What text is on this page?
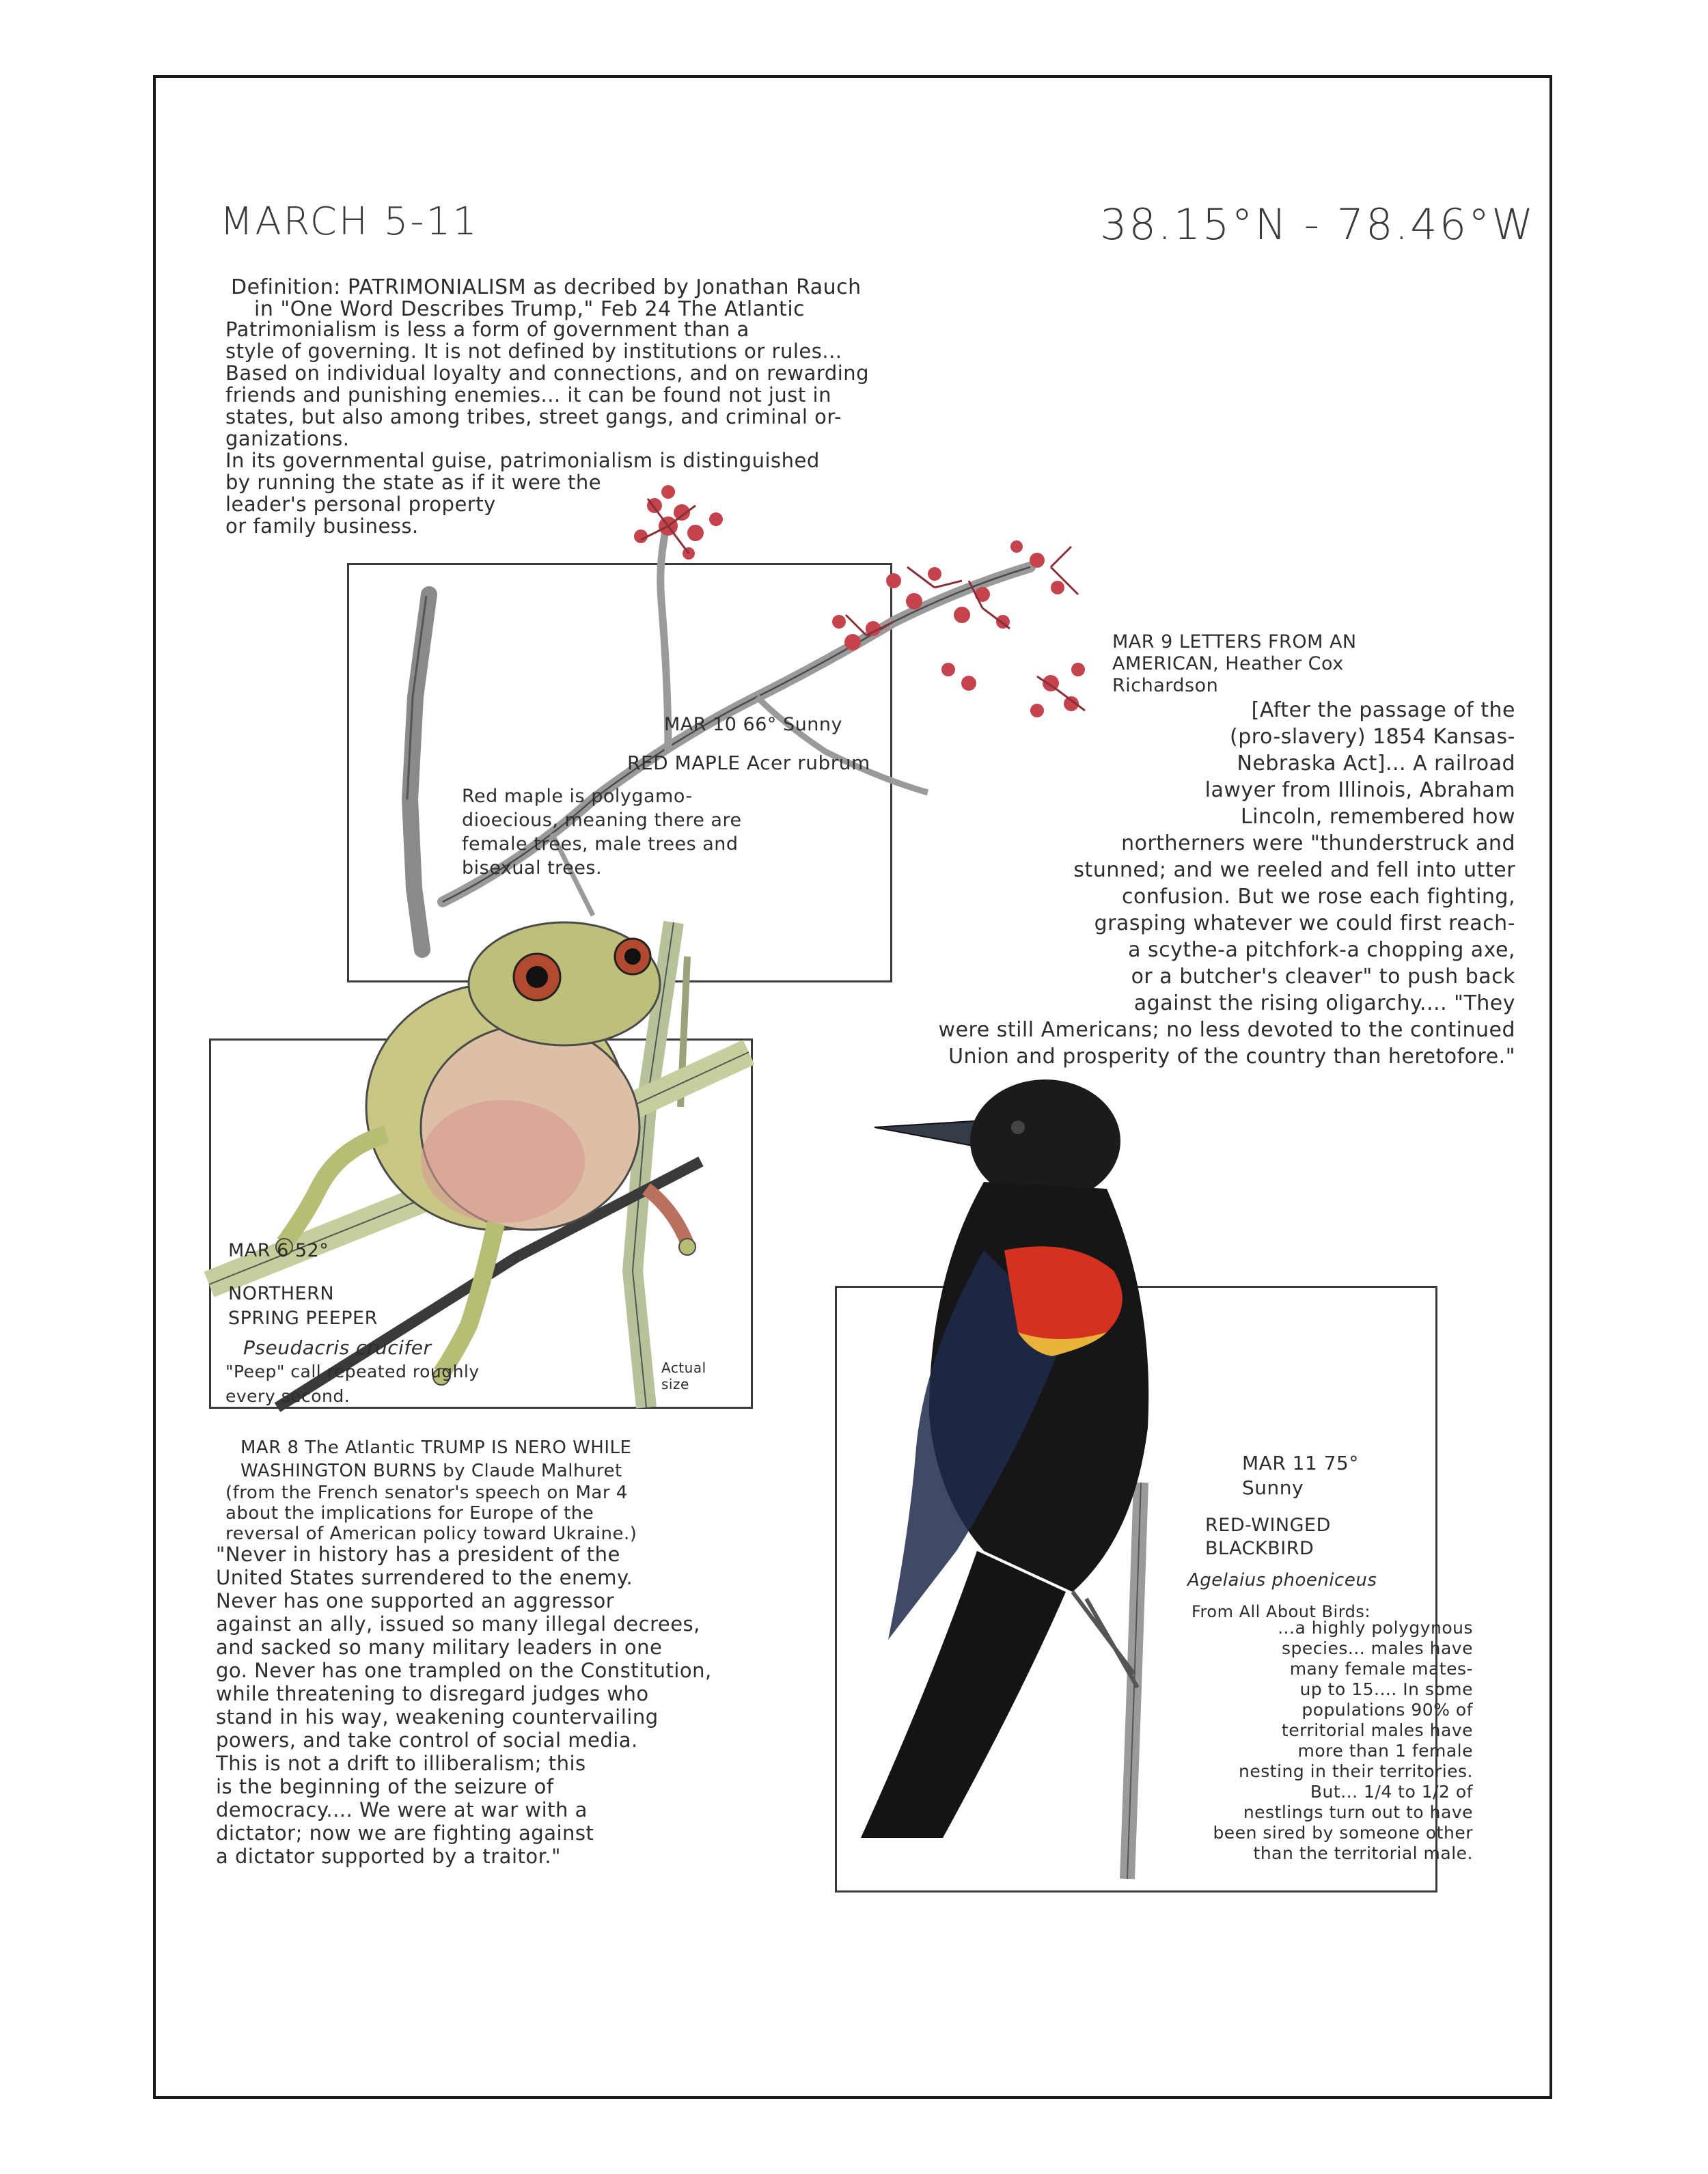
MARCH 5-11	38.15°N - 78.46°W
Definition: PATRIMONIALISM as decribed by Jonathan Rauch
in "One Word Describes Trump," Feb 24 The Atlantic
Patrimonialism is less a form of government than a
style of governing. It is not defined by institutions or rules...
Based on individual loyalty and connections, and on rewarding
friends and punishing enemies... it can be found not just in
states, but also among tribes, street gangs, and criminal or-
ganizations.
In its governmental guise, patrimonialism is distinguished
by running the state as if it were the
leader's personal property
or family business.
MAR 10 66° Sunny
RED MAPLE Acer rubrum
Red maple is polygamo-
dioecious, meaning there are
female trees, male trees and
bisexual trees.
MAR 9 LETTERS FROM AN
AMERICAN, Heather Cox
Richardson
[After the passage of the
(pro-slavery) 1854 Kansas-
Nebraska Act]... A railroad
lawyer from Illinois, Abraham
Lincoln, remembered how
northerners were "thunderstruck and
stunned; and we reeled and fell into utter
confusion. But we rose each fighting,
grasping whatever we could first reach-
a scythe-a pitchfork-a chopping axe,
or a butcher's cleaver" to push back
against the rising oligarchy.... "They
were still Americans; no less devoted to the continued
Union and prosperity of the country than heretofore."
MAR 6 52°
NORTHERN
SPRING PEEPER
Pseudacris crucifer
"Peep" call repeated roughly
every second.
Actual
size
MAR 8 The Atlantic TRUMP IS NERO WHILE
WASHINGTON BURNS by Claude Malhuret
(from the French senator's speech on Mar 4
about the implications for Europe of the
reversal of American policy toward Ukraine.)
"Never in history has a president of the
United States surrendered to the enemy.
Never has one supported an aggressor
against an ally, issued so many illegal decrees,
and sacked so many military leaders in one
go. Never has one trampled on the Constitution,
while threatening to disregard judges who
stand in his way, weakening countervailing
powers, and take control of social media.
This is not a drift to illiberalism; this
is the beginning of the seizure of
democracy.... We were at war with a
dictator; now we are fighting against
a dictator supported by a traitor."
MAR 11 75°
Sunny
RED-WINGED
BLACKBIRD
Agelaius phoeniceus
From All About Birds:
...a highly polygynous
species... males have
many female mates-
up to 15.... In some
populations 90% of
territorial males have
more than 1 female
nesting in their territories.
But... 1/4 to 1/2 of
nestlings turn out to have
been sired by someone other
than the territorial male.
